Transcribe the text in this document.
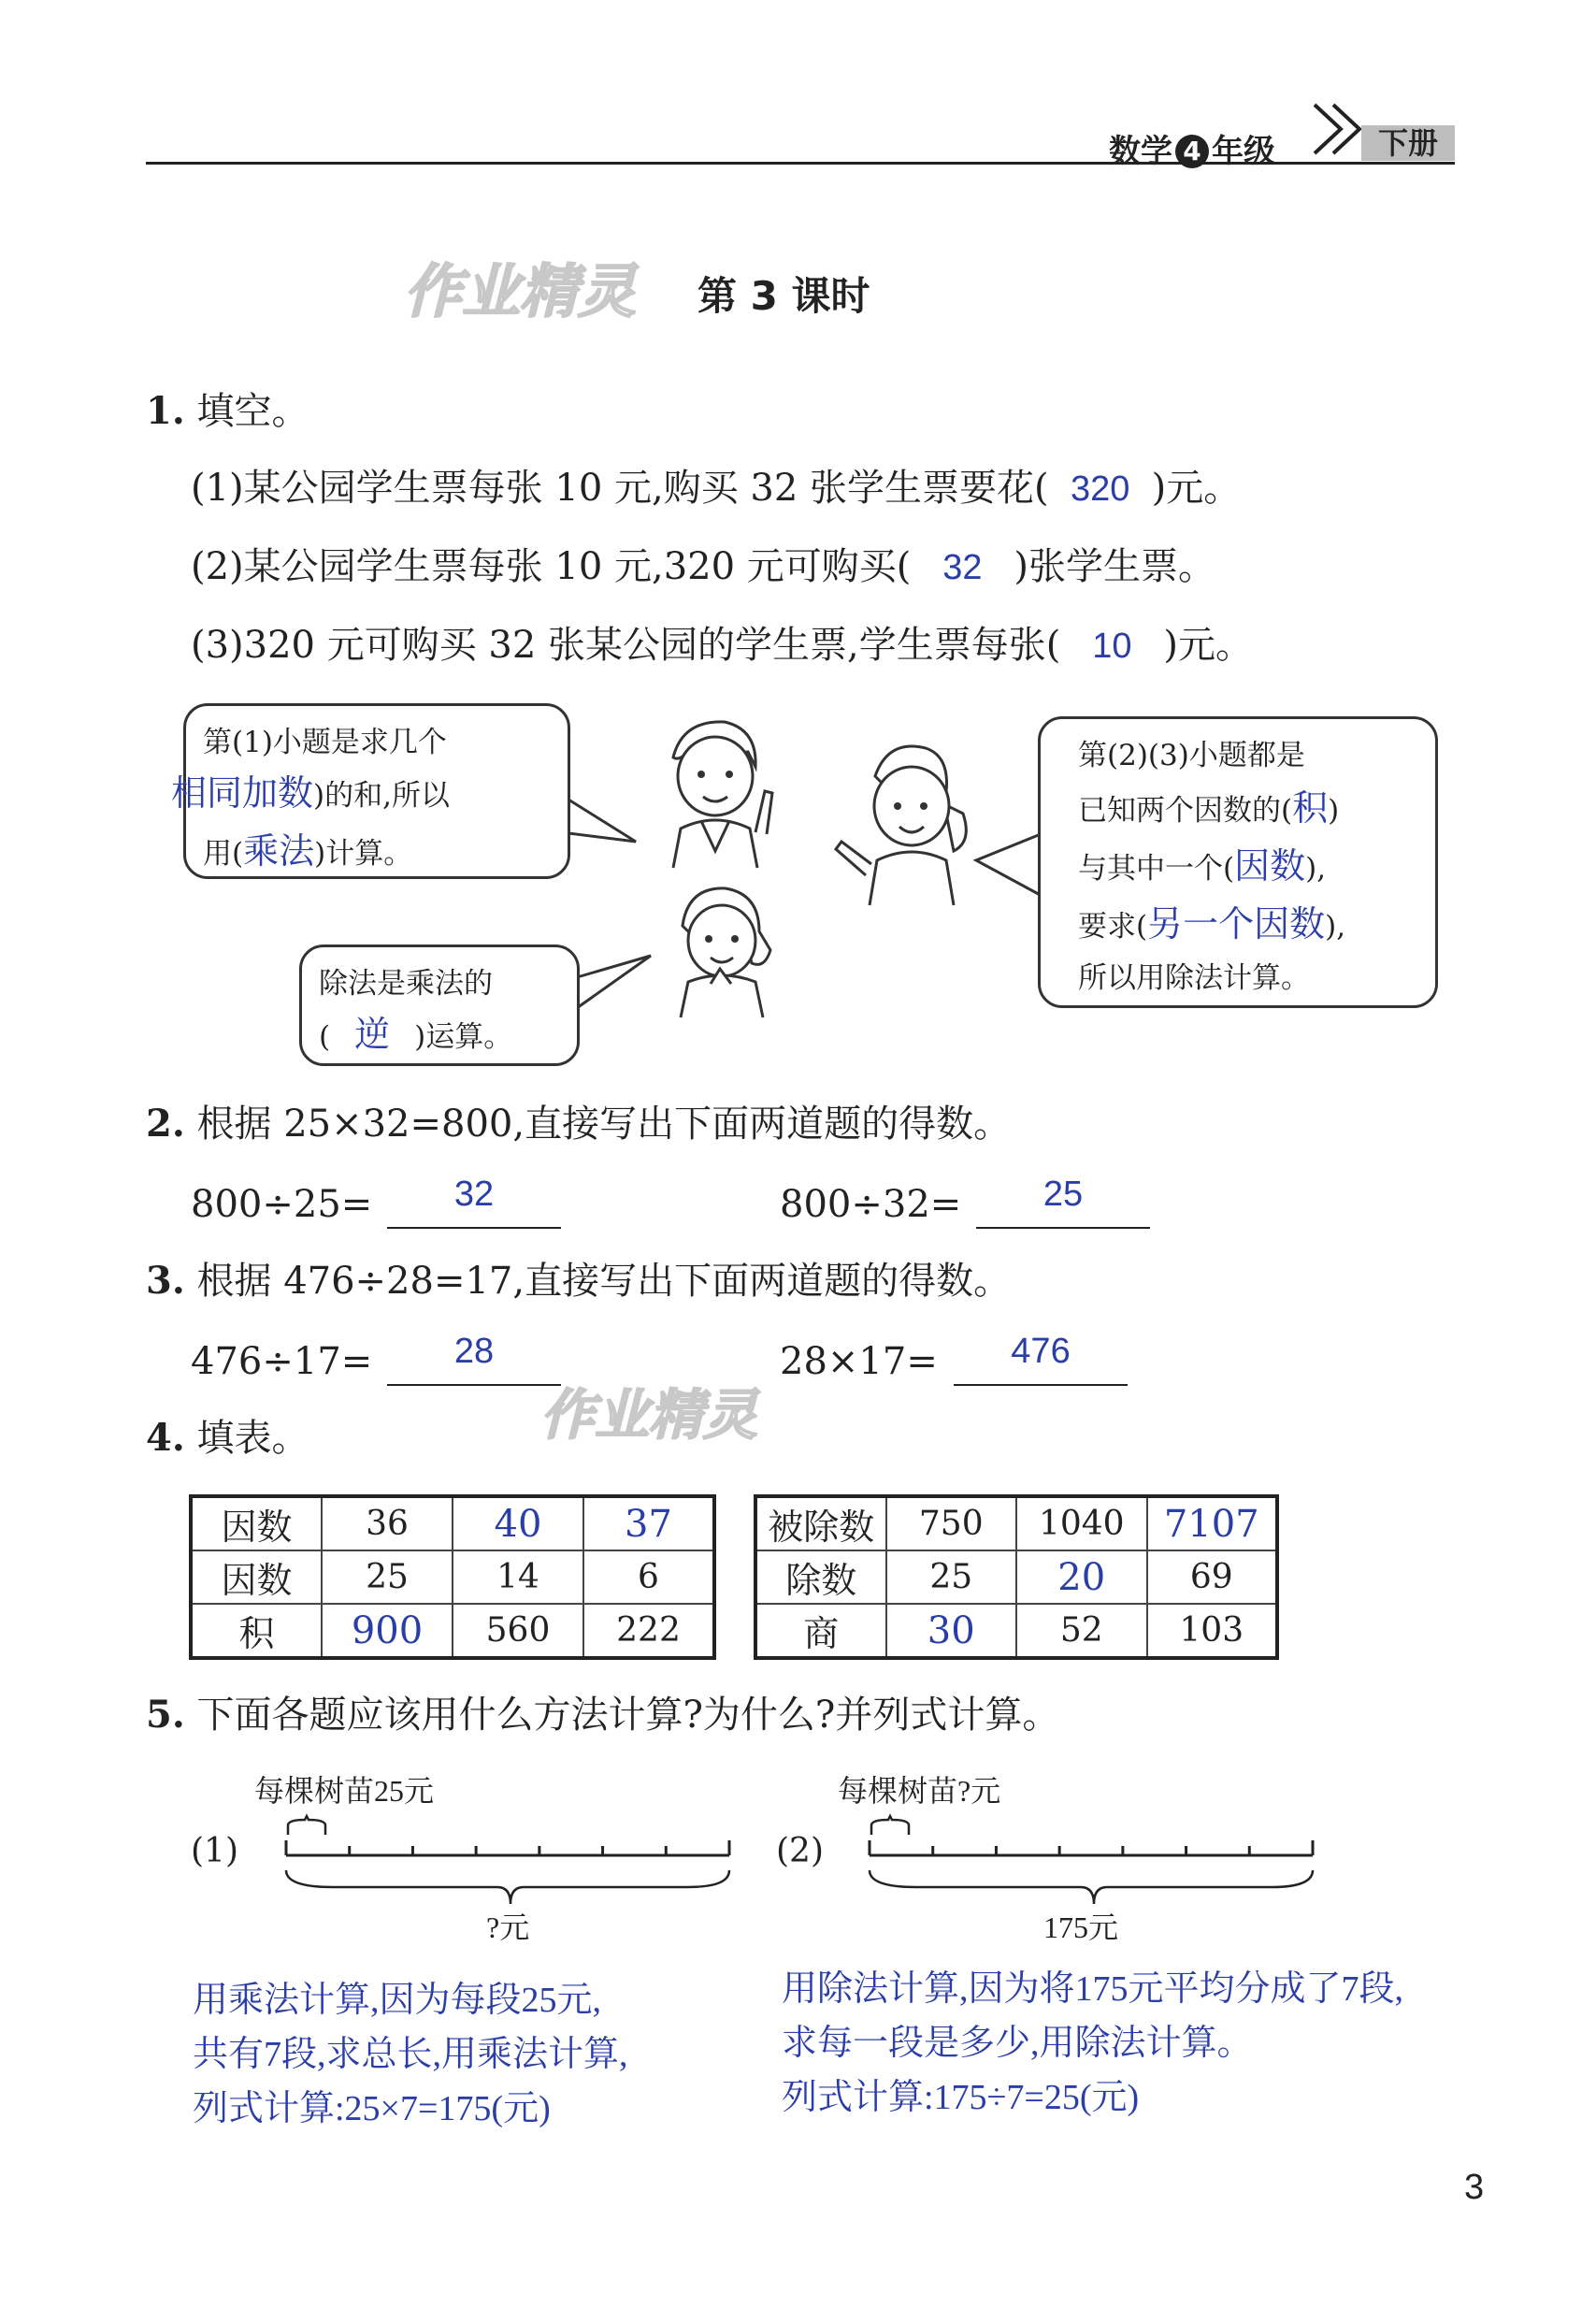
数学 4 年级	下册
作业精灵 第 3 课时
1. 填空。
(1)某公园学生票每张 10 元,购买 32 张学生票要花( 320 )元。
(2)某公园学生票每张 10 元,320 元可购买( 32 )张学生票。
(3)320 元可购买 32 张某公园的学生票,学生票每张( 10 )元。
第(1)小题是求几个
相同加数)的和,所以
用(乘法)计算。
除法是乘法的
( 逆 )运算。
第(2)(3)小题都是
已知两个因数的(积)
与其中一个(因数),
要求(另一个因数),
所以用除法计算。
2. 根据 25×32=800,直接写出下面两道题的得数。
800÷25=	32	800÷32=	25
3. 根据 476÷28=17,直接写出下面两道题的得数。
476÷17=	28	28×17=	476
作业精灵
4. 填表。
因数	36	40	37
因数	25	14	6
积	900	560	222
被除数	750	1040	7107
除数	25	20	69
商	30	52	103
5. 下面各题应该用什么方法计算?为什么?并列式计算。
每棵树苗25元
(1)
?元
每棵树苗?元
(2)
175元
用乘法计算,因为每段25元,
共有7段,求总长,用乘法计算,
列式计算:25×7=175(元)
用除法计算,因为将175元平均分成了7段,
求每一段是多少,用除法计算。
列式计算:175÷7=25(元)
3
